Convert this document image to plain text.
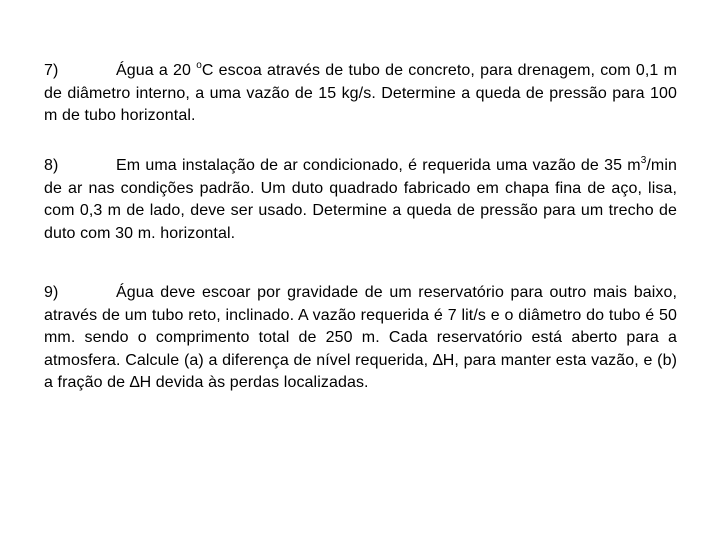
7)	Água a 20 $^o$C escoa através de tubo de concreto, para drenagem, com 0,1 m de diâmetro interno, a uma vazão de 15 kg/s. Determine a queda de pressão para 100 m de tubo horizontal.
8)	Em uma instalação de ar condicionado, é requerida uma vazão de 35 $m^3/\min$ de ar nas condições padrão. Um duto quadrado fabricado em chapa fina de aço, lisa, com 0,3 m de lado, deve ser usado. Determine a queda de pressão para um trecho de duto com 30 m. horizontal.
9)	Água deve escoar por gravidade de um reservatório para outro mais baixo, através de um tubo reto, inclinado. A vazão requerida é 7 lit/s e o diâmetro do tubo é 50 mm. sendo o comprimento total de 250 m. Cada reservatório está aberto para a atmosfera. Calcule (a) a diferença de nível requerida, ∆H, para manter esta vazão, e (b) a fração de ∆H devida às perdas localizadas.
